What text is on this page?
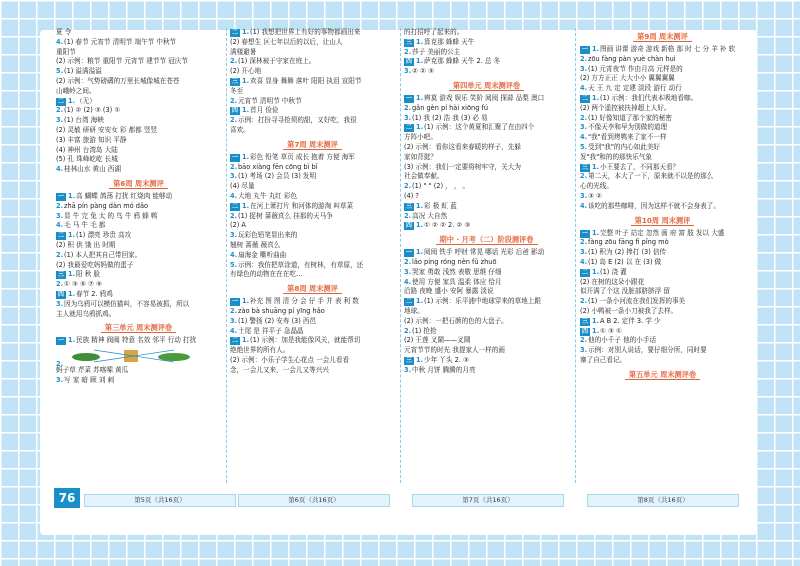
夏 令
4.(1) 春节 元宵节 清明节 端午节 中秋节
重阳节
(2) 示例：粮节 重阳节 元宵节 建节节 冠庆节
5.(1) 溢满溢溢
(2) 示例：气势磅礴的万里长城像城在苍苍
山峨岭之间。
二 1.（无）
2.(1) ② (2) ③ (3) ①
3.(1) 台湾 海峡
(2) 灵敏 研研 安安女 彩 都都 竖竖
(3) 丰富 旅游 知识 平静
(4) 神州 台湾岛 大陆
(5) 孔 珠峰屹屹 长城
4.桂林山水 黄山 西湖
第6周 周末测评
一 1.高 蝴蝶 鸽荡 打扰 红烧肉 能够动
2.zhā pín pàng dàn mó dǎo
3.显 牛 完 兔 太 的 鸟 牛 鸦 蜂 鸭
4.毛 马 牛 毛 都
二 1.(1) 漂亮 珍贵 高攻
(2) 积 供 饿 出 时期
2.(1) 本人把其自己带回家。
(2) 我最爱吃妈妈做的蛋子
三 1.阳 秋 脸
2.① ③ ⑤ ⑦ ⑨
四 1.春节 2. 鸦鸡
3.因为乌鸦可以模仿猫叫，不容易被抓，所以
主人就用乌鸦抓鸡。
第三单元 周末测评卷
一 1.民族 精神 阀阀 特意 名效 邻平 行动 打扰
2.
蚂子草 芹菜 苏喀嗦 黄瓜
3.写 家 暗 顾 刘 刺
二 1.(1) 我想把世界上有好的事物都画出来
(2) 春想生 区七年以后的以后，让山人
满楼避暑
2.(1) 深林被于守家在庭上。
(2) 开心地
三 1.欢喜 显身 舞舞 落叶 阳阳 执泪 宣阳节
冬至
2.元宵节 清明节 中秋节
四 1.首月 俭俭
2.示例：打扮寻寻抢须的甜，又好吃，我很
喜欢。
第7周 周末测评
一 1.彩色 铅笔 草页 成长 抱着 方便 海军
2.bāo xiàng fēn cōng bì bǐ
3.(1) 考场 (2) 会员 (3) 发明
(4) 尽量
4.大地 丸牛 丸红 彩色
二 1.在河上萧打片 和河体的游淘 叫草菜
2.(1) 捉树 蔷薇真么 挂那的天马争
(2) A
3.玩彩色铅笔显出来的
翘树 蔷薇 薇真么
4.扇海金 嘶听曲曲
5.示例：我仿把草涂道，有树林，有草原，还
有绿色的动物在在在吃…
第8周 周末测评
一 1.补充 图 图 清 分 会 仔 手 并 表 利 数
2.zào bà shuāng pí yīng hǎo
3.(1) 警扬 (2) 安寿 (3) 西邑
4.土尾 是 祥平子 急晶晶
二 1.(1) 示例：加是我能像风关，就能帮切
绝绝世界的所有人。
(2) 示例：小乐子学生心花点 一会儿看看
念，一会儿又来，一会儿又等兴兴
的打招呼了起来的。
三 1.算克那 蜂蜂 天牛
2.莎子 美丽的公主
四 1.萨克那 蜂蜂 天牛 2. 总 冬
3.② ② ③
第四单元 周末测评卷
一 1.辨莫 游戏 娱乐 笑阶 阅阅 探蒜 品梨 澳口
2.gǎn gèn pí hài xiōng fú
3.(1) 我 (2) 浩 我 (3) 必 易
二 1.(1) 示例：这个黄夏和汇聚了在由四个
方阵小吧。
(2) 示例：看你这看来春暖的样子，先躲
家如背挺？
(3) 示例：我们一定要将树牢守，关大为
社会做奉献。
2.(1) " " (2) ， ， 。
(4) ?
三 1.彩 极 虹 蓝
2.高况 大自然
四 1.① ② ② 2. ② ③
期中 · 月考（二）阶段测评卷
一 1.阅阅 铁手 呼财 常晃 哪话 光彩 后爸 影动
2.lǎo píng róng nèn fǔ zhuō
3.哭家 勇敢 浅然 表敬 思维 仔细
4.使用 方便 家具 温柔 体应 恰月
沿路 夜晚 盛小 安阿 暴露 淡说
二 1.(1) 示例：乐平浦中地球穿来的草地上跟
地球。
(2) 示例：一把石颜的色的大盘子。
2.(1) 抢抢
(2) 王莲 叉鬧——叉鬧
元宵节节的时光 我提家人一样的画
三 1.少年 丫头 2. ③
3.中秋 月饼 腾腾的月亮
第9周 周末测评
一 1.图画 讲课 游奇 游戏 新格 那 时 七 分 羊 补 软
2.zōu fàng pàn yuè chàn hui
3.(1) 元宵夜节 作由月高 元样是的
(2) 方方正正 大大小小 翼翼翼翼
4.天 王 九 定 定建 淡段 游行 动行
二 1.(1) 示例：我们代表本吸地看咖。
(2) 两个遥控被扶掉超上人好。
2.(1) 好像知道了那个家的秘密
3.不像天李和早为别做的道理
4."我"看到烤鸭来了家不一样
5.受到"我"的内心如此美好
发"我"和的的那快乐气象
三 1.小王要去了，不同那天看？
2.第二天，本大了一下，原来就不以是的那么
心的光线。
3.③ ②
4.该吃的那些咖啡，因为这样不就不会身表了。
第10周 周末测评
一 1.完整 叶子 站定 忽然 画 府 富 肢 发以 大盛
2.fàng zōu fāng fi pǐng mò
3.(1) 积为 (2) 捧打 (3) 信传
4.(1) 岛 E (2) 以 在 (3) 做
二 1.(1) 浇 灌
(2) 在树的这朵小跟花
似开满了个这 没脏部脐脐浮 留
2.(1) 一条小河流在我们发挥的事美
(2) 小鸭被一条小刀被我了去样。
三 1.A B 2. 定伴 3. 学 少
四 1.① ③ ①
2.他的小千子 他的小手话
3.示例：对别人说话，要仔细分所，同时要
寨了自己看记。
第五单元 周末测评卷
76	第5页（共16页）	第6页（共16页）	第7页（共16页）	第8页（共16页）
